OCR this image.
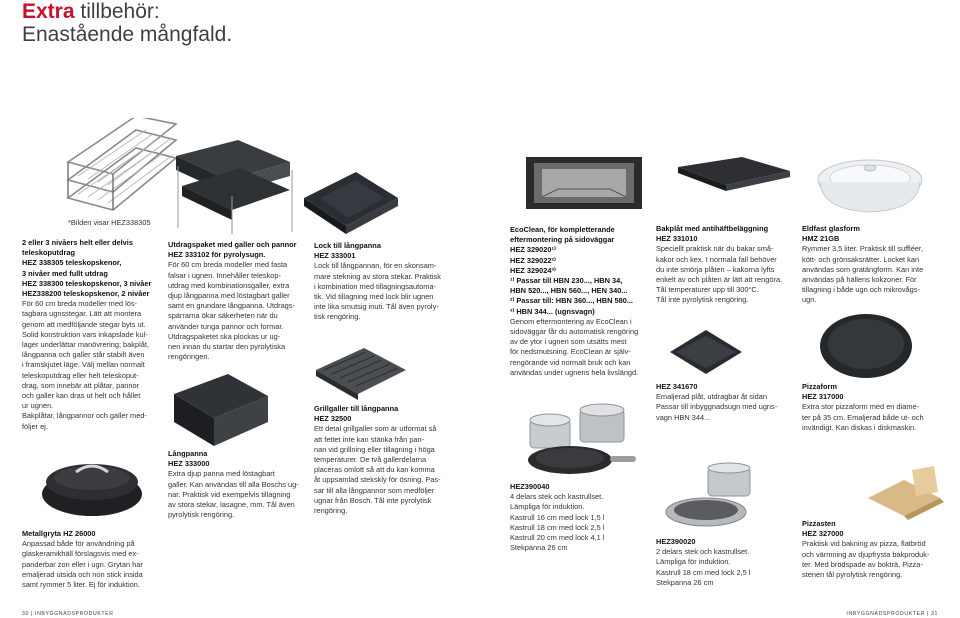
Extra tillbehör:
Enastående mångfald.
*Bilden visar HEZ338305

2 eller 3 nivåers helt eller delvis
teleskoputdrag
HEZ 338305 teleskopskenor,
3 nivåer med fullt utdrag
HEZ 338300 teleskopskenor, 3 nivåer
HEZ338200 teleskopskenor, 2 nivåer

För 60 cm breda modeller med lös-
tagbara ugnsstegar. Lätt att montera
genom att medföljande stegar byts ut.
Solid konstruktion vars inkapslade kul-
lager underlättar manövrering; bakplåt,
långpanna och galler står stabilt även
i framskjutet läge. Välj mellan normalt
teleskoputdrag eller helt teleskoput-
drag, som innebär att plåtar, pannor
och galler kan dras ut helt och hållet
ur ugnen.
Bakplåtar, långpannor och galler med-
följer ej.

Metallgryta HZ 26000

Anpassad både för användning på
glaskeramikhäll förslagsvis med ex-
panderbar zon eller i ugn. Grytan har
emaljerad utsida och non stick insida
samt rymmer 5 liter. Ej för induktion.

Utdragspaket med galler och pannor
HEZ 333102 för pyrolysugn.

För 60 cm breda modeller med fasta
falsar i ugnen. Innehåller teleskop-
utdrag med kombinationsgaller, extra
djup långpanna med löstagbart galler
samt en grundare långpanna. Utdrags-
spärrarna ökar säkerheten när du
använder tunga pannor och formar.
Utdragspaketet ska plockas ur ug-
nen innan du startar den pyrolytiska
rengöringen.

Långpanna
HEZ 333000

Extra djup panna med löstagbart
galler. Kan användas till alla Boschs ug-
nar. Praktisk vid exempelvis tillagning
av stora stekar, lasagne, mm. Tål även
pyrolytisk rengöring.

Lock till långpanna
HEZ 333001

Lock till långpannan, för en skonsam-
mare stekning av stora stekar. Praktisk
i kombination med tillagningsautoma-
tik. Vid tillagning med lock blir ugnen
inte lika smutsig inuti. Tål även pyroly-
tisk rengöring.

Grillgaller till långpanna
HEZ 32500

Ett detal grillgaller som är utformat så
att fettet inte kan stänka från pan-
nan vid grillning eller tillagning i höga
temperaturer. De två gallerdelarna
placeras omlott så att du kan komma
åt uppsamlad stekskly för ösning. Pas-
sar till alla långpannor som medföljer
ugnar från Bosch. Tål inte pyrolytisk
rengöring.

EcoClean, för kompletterande
eftermontering på sidoväggar
HEZ 329020¹⁾
HEZ 329022²⁾
HEZ 329024³⁾
¹⁾ Passar till HBN 230..., HBN 34,
HBN 520..., HBN 560..., HEN 340...
²⁾ Passar till: HBN 360..., HBN 580...
³⁾ HBN 344... (ugnsvagn)

Genom eftermontering av EcoClean i
sidoväggar får du automatisk rengöring
av de ytor i ugnen som utsätts mest
för nedsmutsning. EcoClean är själv-
rengörande vid normalt bruk och kan
användas under ugnens hela livslängd.

HEZ390040

4 delars stek och kastrullset.
Lämpliga för induktion.
Kastrull 16 cm med lock 1,5 l
Kastrull 18 cm med lock 2,5 l
Kastrull 20 cm med lock 4,1 l
Stekpanna 26 cm

Bakplåt med antihäftbeläggning
HEZ 331010

Speciellt praktisk när du bakar små-
kakor och kex. I normala fall behöver
du inte smörja plåten – kakorna lyfts
enkelt av och plåten är lätt att rengöra.
Tål temperaturer upp till 300°C.
Tål inte pyrolytisk rengöring.

HEZ 341670

Emaljerad plåt, utdragbar åt sidan
Passar till inbyggnadsugn med ugns-
vagn HBN 344...

HEZ390020

2 delars stek och kastrullset.
Lämpliga för induktion.
Kastrull 18 cm med lock 2,5 l
Stekpanna 26 cm

Eldfast glasform
HMZ 21GB

Rymmer 3,5 liter. Praktisk till suffléer,
kött- och grönsaksrätter. Locket kan
användas som gratängform. Kan inte
användas på hällens kokzoner. För
tillagning i både ugn och mikrovågs-
ugn.

Pizzaform
HEZ 317000

Extra stor pizzaform med en diame-
ter på 35 cm. Emaljerad både ut- och
invändigt. Kan diskas i diskmaskin.

Pizzasten
HEZ 327000

Praktisk vid bakning av pizza, flatbröd
och värmning av djupfrysta bakproduk-
ter. Med brödspade av bokträ. Pizza-
stenen tål pyrolytisk rengöring.

30 | INBYGGNADSPRODUKTER	INBYGGNADSPRODUKTER | 31
